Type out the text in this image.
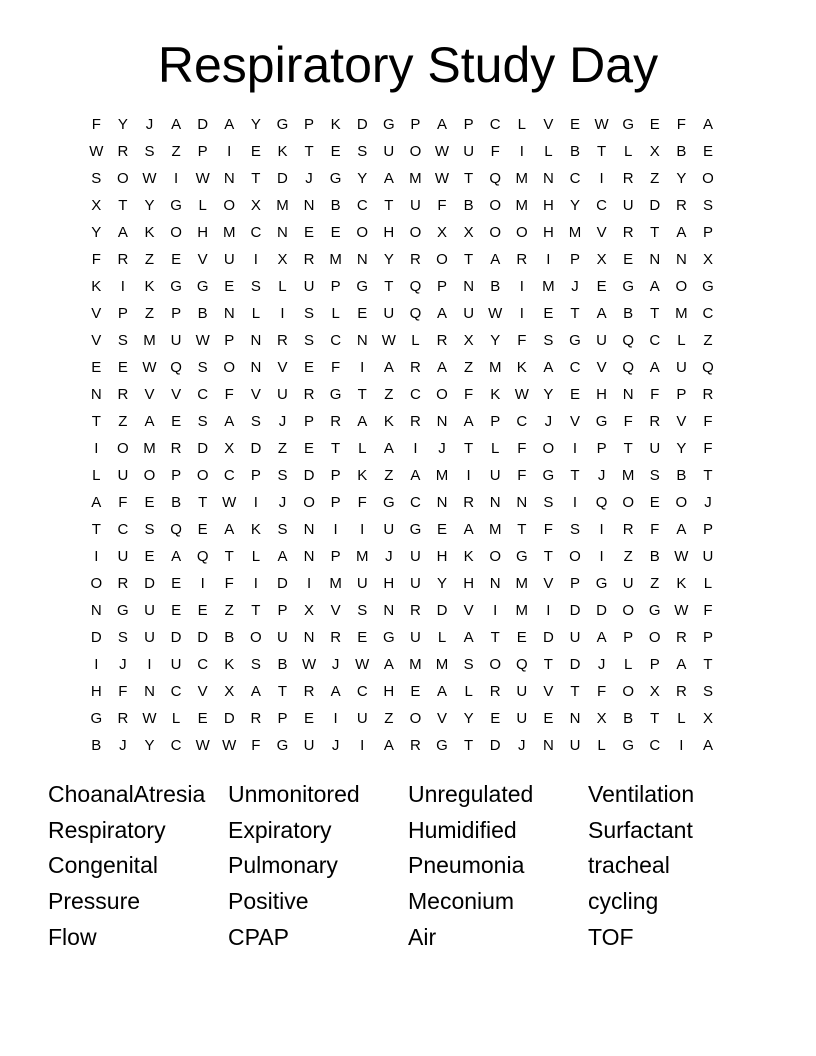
Respiratory Study Day
F	Y	J	A	D	A	Y	G	P	K	D	G	P	A	P	C	L	V	E W G	E	F	A
W R	S	Z	P	I	E	K	T	E	S	U	O W U	F	I	L	B	T	L	X	B	E
S	O W	I	W N	T	D	J	G	Y	A	M W T	Q M N	C	I	R	Z	Y	O
X	T	Y	G	L	O	X	M N	B	C	T	U	F	B	O M H	Y	C	U	D	R	S
Y	A	K	O	H M C	N	E	E	O	H	O	X	X	O O	H M	V	R	T	A	P
F	R	Z	E	V	U	I	X	R M N	Y	R	O	T	A	R	I	P	X	E	N	N	X
K	I	K	G G	E	S	L	U	P	G	T	Q	P	N	B	I	M	J	E	G	A	O G
V	P	Z	P	B	N	L	I	S	L	E	U	Q	A	U W	I	E	T	A	B	T	M C
V	S	M U W P	N	R	S	C	N W	L	R	X	Y	F	S	G	U	Q	C	L	Z
E	E W Q	S	O	N	V	E	F	I	A	R	A	Z	M	K	A	C	V	Q	A	U	Q
N	R	V	V	C	F	V	U	R	G	T	Z	C	O	F	K W Y	E	H	N	F	P	R
T	Z	A	E	S	A	S	J	P	R	A	K	R	N	A	P	C	J	V	G	F	R	V	F
I	O M R	D	X	D	Z	E	T	L	A	I	J	T	L	F	O	I	P	T	U	Y	F
L	U	O	P	O	C	P	S	D	P	K	Z	A	M	I	U	F	G	T	J	M	S	B	T
A	F	E	B	T W	I	J	O	P	F	G	C	N	R	N	N	S	I	Q O	E	O	J
T	C	S	Q	E	A	K	S	N	I	I	U	G	E	A	M	T	F	S	I	R	F	A	P
I	U	E	A	Q	T	L	A	N	P	M	J	U	H	K	O G	T	O	I	Z	B W U
O	R	D	E	I	F	I	D	I	M U	H	U	Y	H	N M	V	P	G	U	Z	K	L
N	G	U	E	E	Z	T	P	X	V	S	N	R	D	V	I	M	I	D	D	O G W F
D	S	U	D	D	B	O	U	N	R	E	G	U	L	A	T	E	D	U	A	P	O	R	P
I	J	I	U	C	K	S	B W	J	W A	M M	S	O Q	T	D	J	L	P	A	T
H	F	N	C	V	X	A	T	R	A	C	H	E	A	L	R	U	V	T	F	O	X	R	S
G	R W	L	E	D	R	P	E	I	U	Z	O	V	Y	E	U	E	N	X	B	T	L	X
B	J	Y	C W W F	G	U	J	I	A	R	G	T	D	J	N	U	L	G	C	I	A
ChoanalAtresia Unmonitored	Unregulated	Ventilation
Respiratory	Expiratory	Humidified	Surfactant
Congenital	Pulmonary	Pneumonia	tracheal
Pressure	Positive	Meconium	cycling
Flow	CPAP	Air	TOF
